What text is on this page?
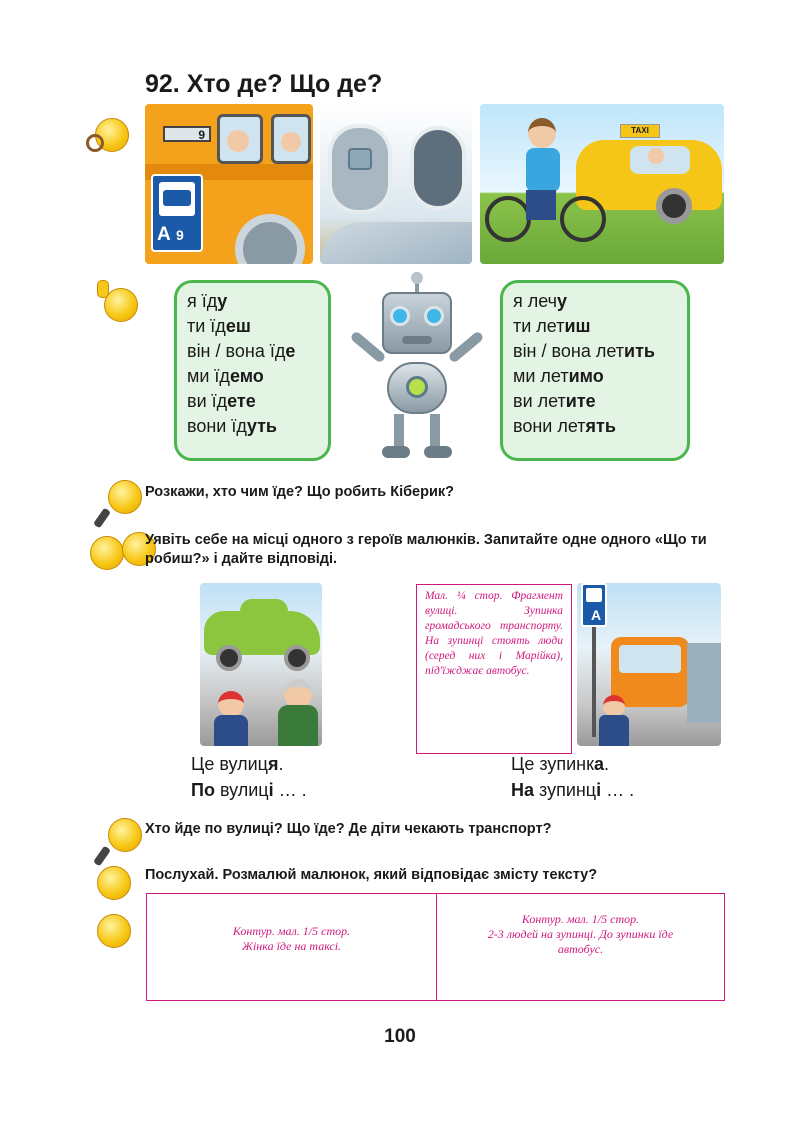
92. Хто де? Що де?
9
А 9
TAXI
я їду
ти їдеш
він / вона їде
ми їдемо
ви їдете
вони їдуть
я лечу
ти летиш
він / вона летить
ми летимо
ви летите
вони летять
Розкажи, хто чим їде? Що робить Кіберик?
Уявіть себе на місці одного з героїв малюнків. Запитайте одне одного «Що ти робиш?» і дайте відповіді.
Мал. ¼ стор. Фрагмент вулиці. Зупинка громадського транспорту. На зупинці стоять люди (серед них і Марійка), під'їжджає автобус.
А
Це вулиця.
По вулиці … .
Це зупинка.
На зупинці … .
Хто йде по вулиці? Що їде? Де діти чекають транспорт?
Послухай. Розмалюй малюнок, який відповідає змісту тексту?
Контур. мал. 1/5 стор.
Жінка їде на таксі.
Контур. мал. 1/5 стор.
2-3 людей на зупинці. До зупинки їде
автобус.
100
